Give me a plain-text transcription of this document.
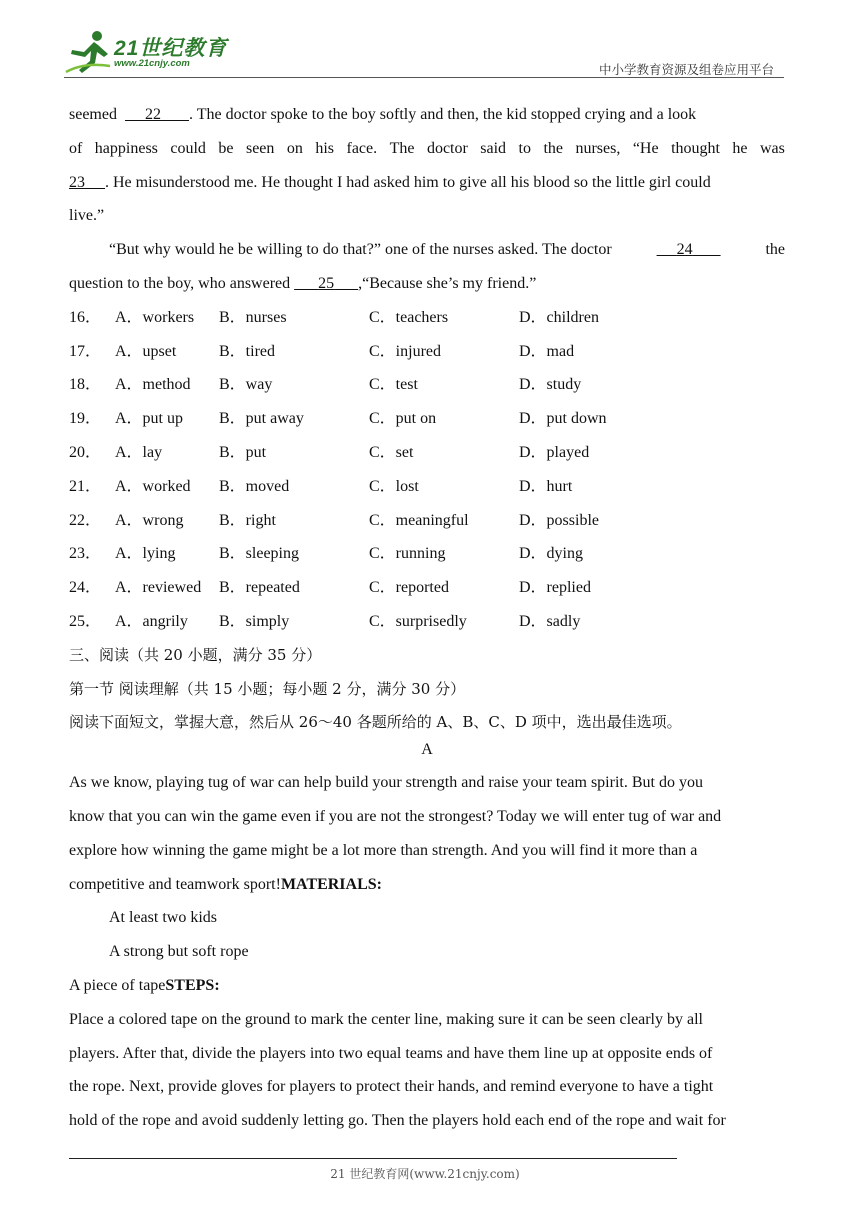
21世纪教育
www.21cnjy.com	中小学教育资源及组卷应用平台
seemed 22 . The doctor spoke to the boy softly and then, the kid stopped crying and a look
of happiness could be seen on his face. The doctor said to the nurses, “He thought he was
23 . He misunderstood me. He thought I had asked him to give all his blood so the little girl could
live.”
“But why would he be willing to do that?” one of the nurses asked. The doctor	24	the
question to the boy, who answered 25 ,“Because she’s my friend.”
16． A．workers	B．nurses	C．teachers	D．children
17． A．upset	B．tired	C．injured	D．mad
18． A．method	B．way	C．test	D．study
19． A．put up	B．put away	C．put on	D．put down
20． A．lay	B．put	C．set	D．played
21． A．worked	B．moved	C．lost	D．hurt
22． A．wrong	B．right	C．meaningful	D．possible
23． A．lying	B．sleeping	C．running	D．dying
24． A．reviewed	B．repeated	C．reported	D．replied
25． A．angrily	B．simply	C．surprisedly	D．sadly
三、阅读（共 20 小题，满分 35 分）
第一节 阅读理解（共 15 小题；每小题 2 分，满分 30 分）
阅读下面短文，掌握大意，然后从 26～40 各题所给的 A、B、C、D 项中，选出最佳选项。
A
As we know, playing tug of war can help build your strength and raise your team spirit. But do you
know that you can win the game even if you are not the strongest? Today we will enter tug of war and
explore how winning the game might be a lot more than strength. And you will find it more than a
competitive and teamwork sport!MATERIALS:
At least two kids
A strong but soft rope
A piece of tapeSTEPS:
Place a colored tape on the ground to mark the center line, making sure it can be seen clearly by all
players. After that, divide the players into two equal teams and have them line up at opposite ends of
the rope. Next, provide gloves for players to protect their hands, and remind everyone to have a tight
hold of the rope and avoid suddenly letting go. Then the players hold each end of the rope and wait for
21 世纪教育网(www.21cnjy.com)
